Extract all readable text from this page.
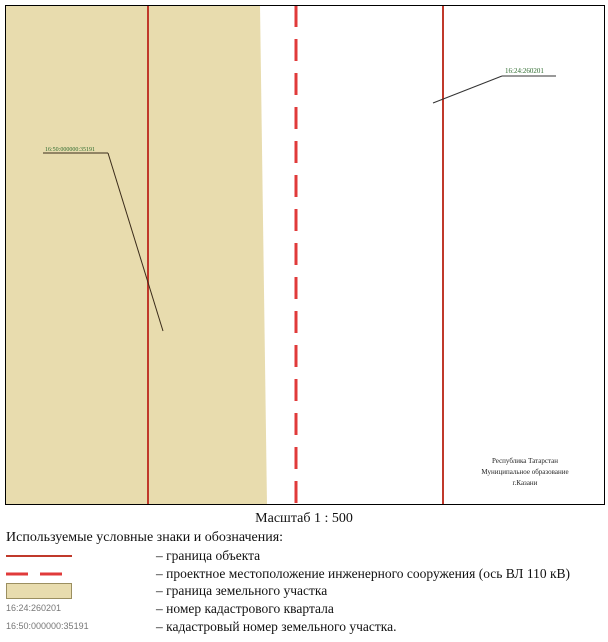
16:50:000000:35191
16:24:260201
Республика Татарстан
Муниципальное образование
г.Казани
Масштаб 1 : 500
Используемые условные знаки и обозначения:
– граница объекта
– проектное местоположение инженерного сооружения (ось ВЛ 110 кВ)
– граница земельного участка
16:24:260201	– номер кадастрового квартала
16:50:000000:35191	– кадастровый номер земельного участка.
